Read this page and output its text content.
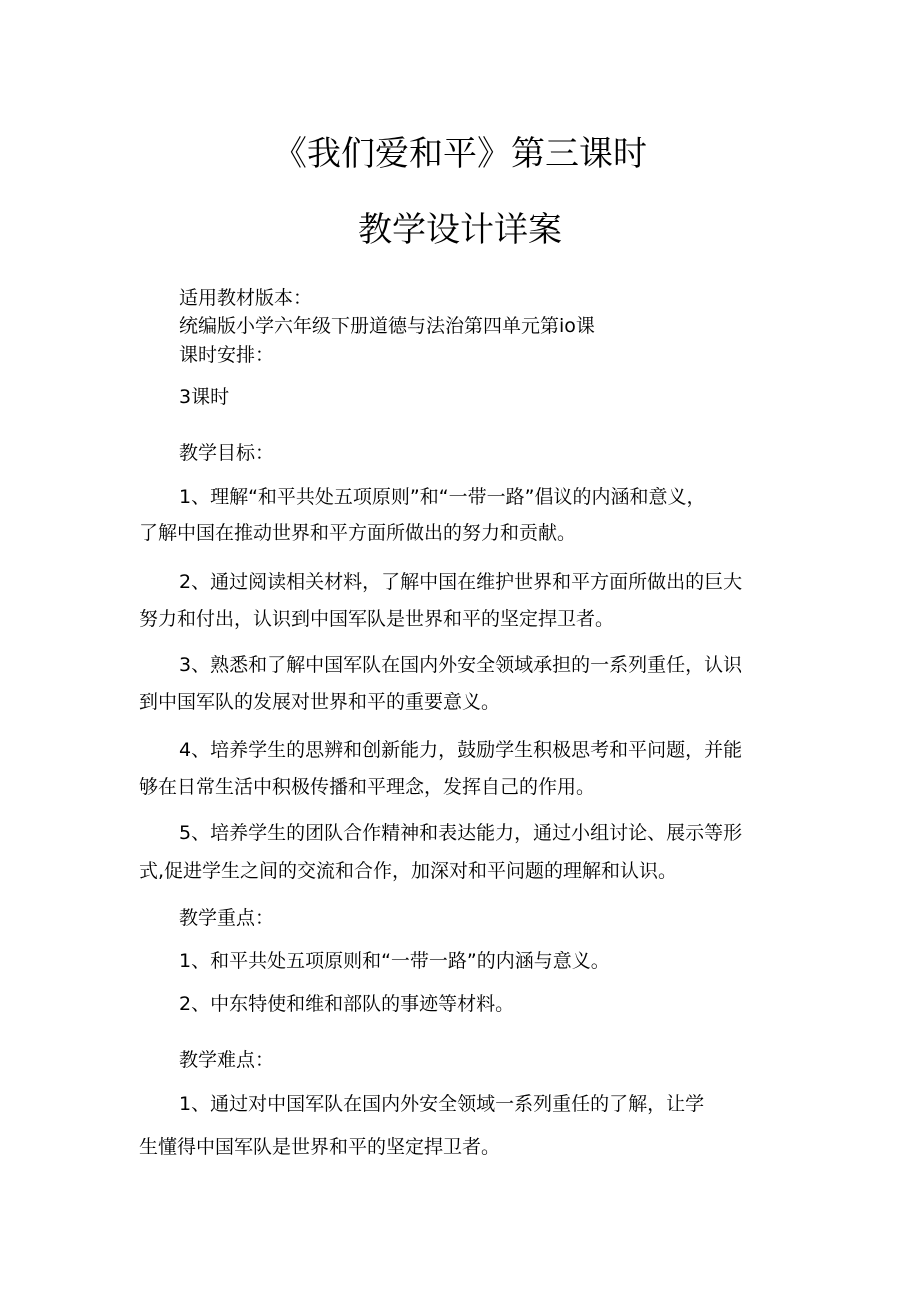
《我们爱和平》第三课时
教学设计详案

适用教材版本：

统编版小学六年级下册道德与法治第四单元第io课

课时安排：

3课时

教学目标：

1、理解“和平共处五项原则”和“一带一路”倡议的内涵和意义，

了解中国在推动世界和平方面所做出的努力和贡献。

2、通过阅读相关材料，了解中国在维护世界和平方面所做出的巨大

努力和付出，认识到中国军队是世界和平的坚定捍卫者。

3、熟悉和了解中国军队在国内外安全领域承担的一系列重任，认识

到中国军队的发展对世界和平的重要意义。

4、培养学生的思辨和创新能力，鼓励学生积极思考和平问题，并能

够在日常生活中积极传播和平理念，发挥自己的作用。

5、培养学生的团队合作精神和表达能力，通过小组讨论、展示等形

式,促进学生之间的交流和合作，加深对和平问题的理解和认识。

教学重点：

1、和平共处五项原则和“一带一路”的内涵与意义。

2、中东特使和维和部队的事迹等材料。

教学难点：

1、通过对中国军队在国内外安全领域一系列重任的了解，让学

生懂得中国军队是世界和平的坚定捍卫者。
